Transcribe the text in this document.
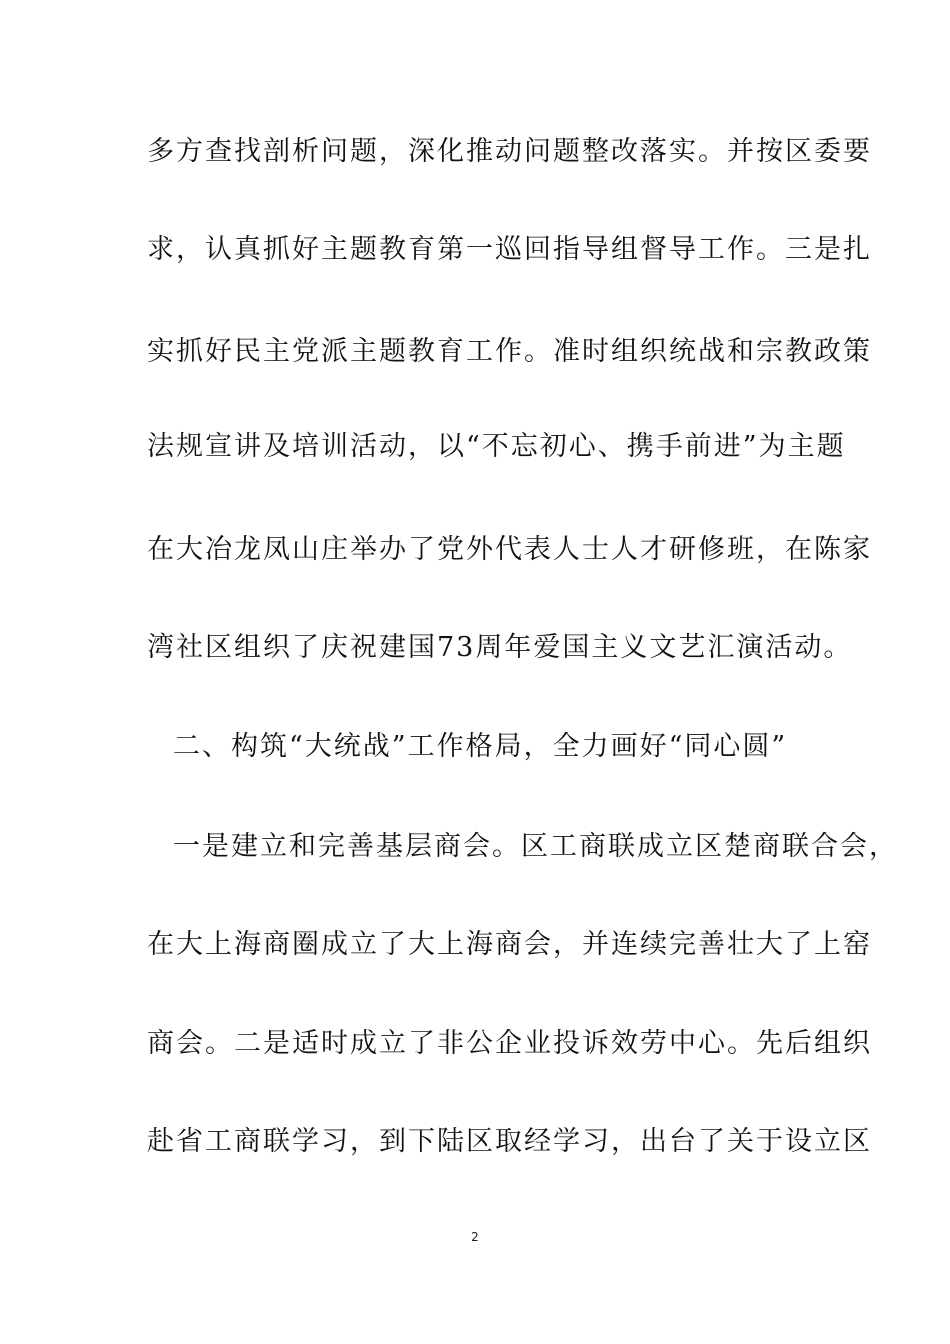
多方查找剖析问题，深化推动问题整改落实。并按区委要
求，认真抓好主题教育第一巡回指导组督导工作。三是扎
实抓好民主党派主题教育工作。准时组织统战和宗教政策
法规宣讲及培训活动，以“不忘初心、携手前进”为主题
在大冶龙凤山庄举办了党外代表人士人才研修班，在陈家
湾社区组织了庆祝建国73周年爱国主义文艺汇演活动。
二、构筑“大统战”工作格局，全力画好“同心圆”
一是建立和完善基层商会。区工商联成立区楚商联合会，
在大上海商圈成立了大上海商会，并连续完善壮大了上窑
商会。二是适时成立了非公企业投诉效劳中心。先后组织
赴省工商联学习，到下陆区取经学习，出台了关于设立区
2
